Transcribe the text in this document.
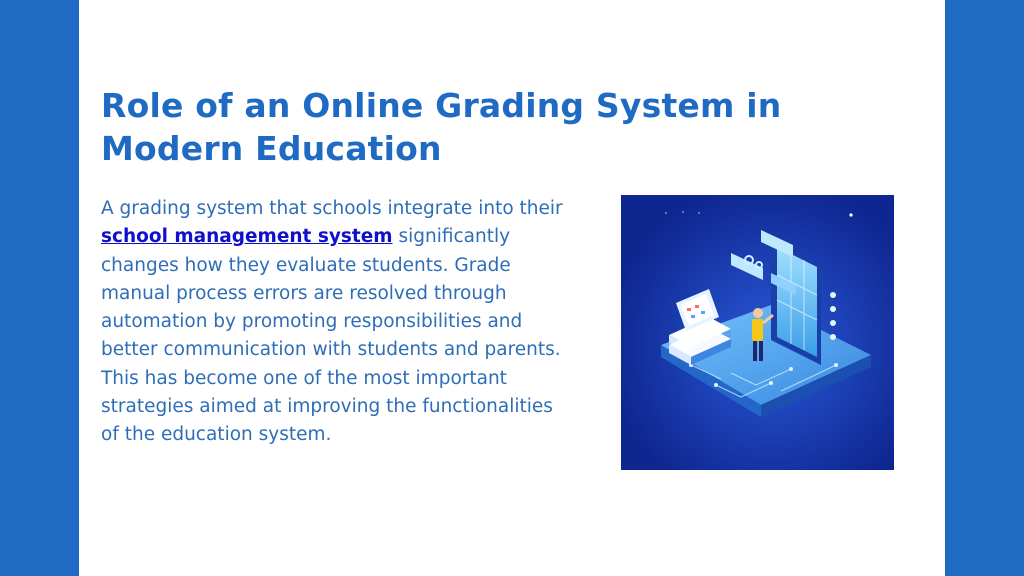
Role of an Online Grading System in Modern Education

A grading system that schools integrate into their school management system significantly changes how they evaluate students. Grade manual process errors are resolved through automation by promoting responsibilities and better communication with students and parents. This has become one of the most important strategies aimed at improving the functionalities of the education system.
